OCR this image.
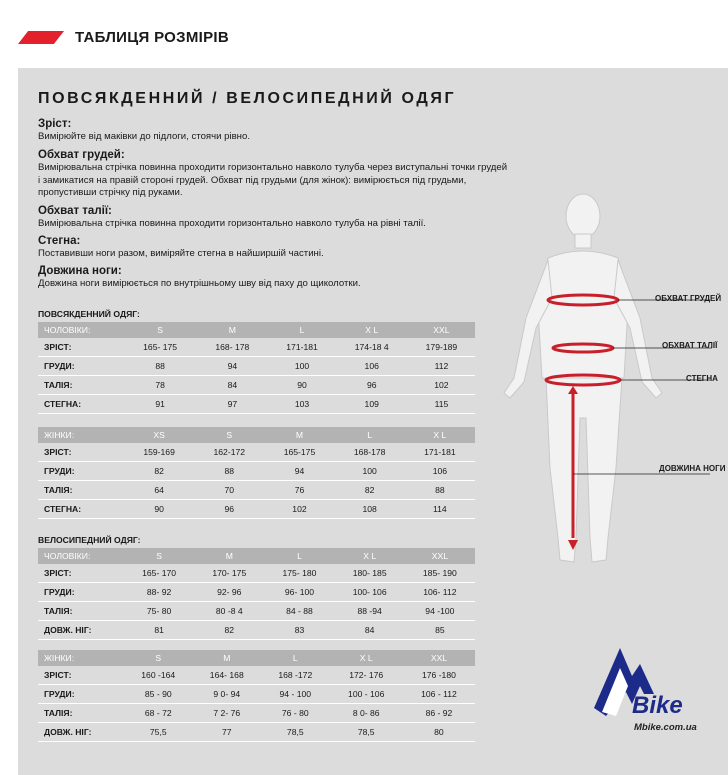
ТАБЛИЦЯ РОЗМІРІВ
ПОВСЯКДЕННИЙ / ВЕЛОСИПЕДНИЙ ОДЯГ
Зріст:

Вимірюйте від маківки до підлоги, стоячи рівно.

Обхват грудей:

Вимірювальна стрічка повинна проходити горизонтально навколо тулуба через виступальні точки грудей і замикатися на правій стороні грудей. Обхват під грудьми (для жінок): вимірюється під грудьми, пропустивши стрічку під руками.

Обхват талії:

Вимірювальна стрічка повинна проходити горизонтально навколо тулуба на рівні талії.

Стегна:

Поставивши ноги разом, виміряйте стегна в найширшій частині.

Довжина ноги:

Довжина ноги вимірюється по внутрішньому шву від паху до щиколотки.

ПОВСЯКДЕННИЙ ОДЯГ:
ЧОЛОВІКИ:	S	M	L	X L	XXL
ЗРІСТ:	165- 175	168- 178	171-181	174-18 4	179-189
ГРУДИ:	88	94	100	106	112
ТАЛІЯ:	78	84	90	96	102
СТЕГНА:	91	97	103	109	115
ЖІНКИ:	XS	S	M	L	X L
ЗРІСТ:	159-169	162-172	165-175	168-178	171-181
ГРУДИ:	82	88	94	100	106
ТАЛІЯ:	64	70	76	82	88
СТЕГНА:	90	96	102	108	114
ВЕЛОСИПЕДНИЙ ОДЯГ:
ЧОЛОВІКИ:	S	M	L	X L	XXL
ЗРІСТ:	165- 170	170- 175	175- 180	180- 185	185- 190
ГРУДИ:	88- 92	92- 96	96- 100	100- 106	106- 112
ТАЛІЯ:	75- 80	80 -8 4	84 - 88	88 -94	94 -100
ДОВЖ. НІГ:	81	82	83	84	85
ЖІНКИ:	S	M	L	X L	XXL
ЗРІСТ:	160 -164	164- 168	168 -172	172- 176	176 -180
ГРУДИ:	85 - 90	9 0- 94	94 - 100	100 - 106	106 - 112
ТАЛІЯ:	68 - 72	7 2- 76	76 - 80	8 0- 86	86 - 92
ДОВЖ. НІГ:	75,5	77	78,5	78,5	80
ОБХВАТ ГРУДЕЙ
ОБХВАТ ТАЛІЇ
СТЕГНА
ДОВЖИНА НОГИ
Bike
Mbike.com.ua
